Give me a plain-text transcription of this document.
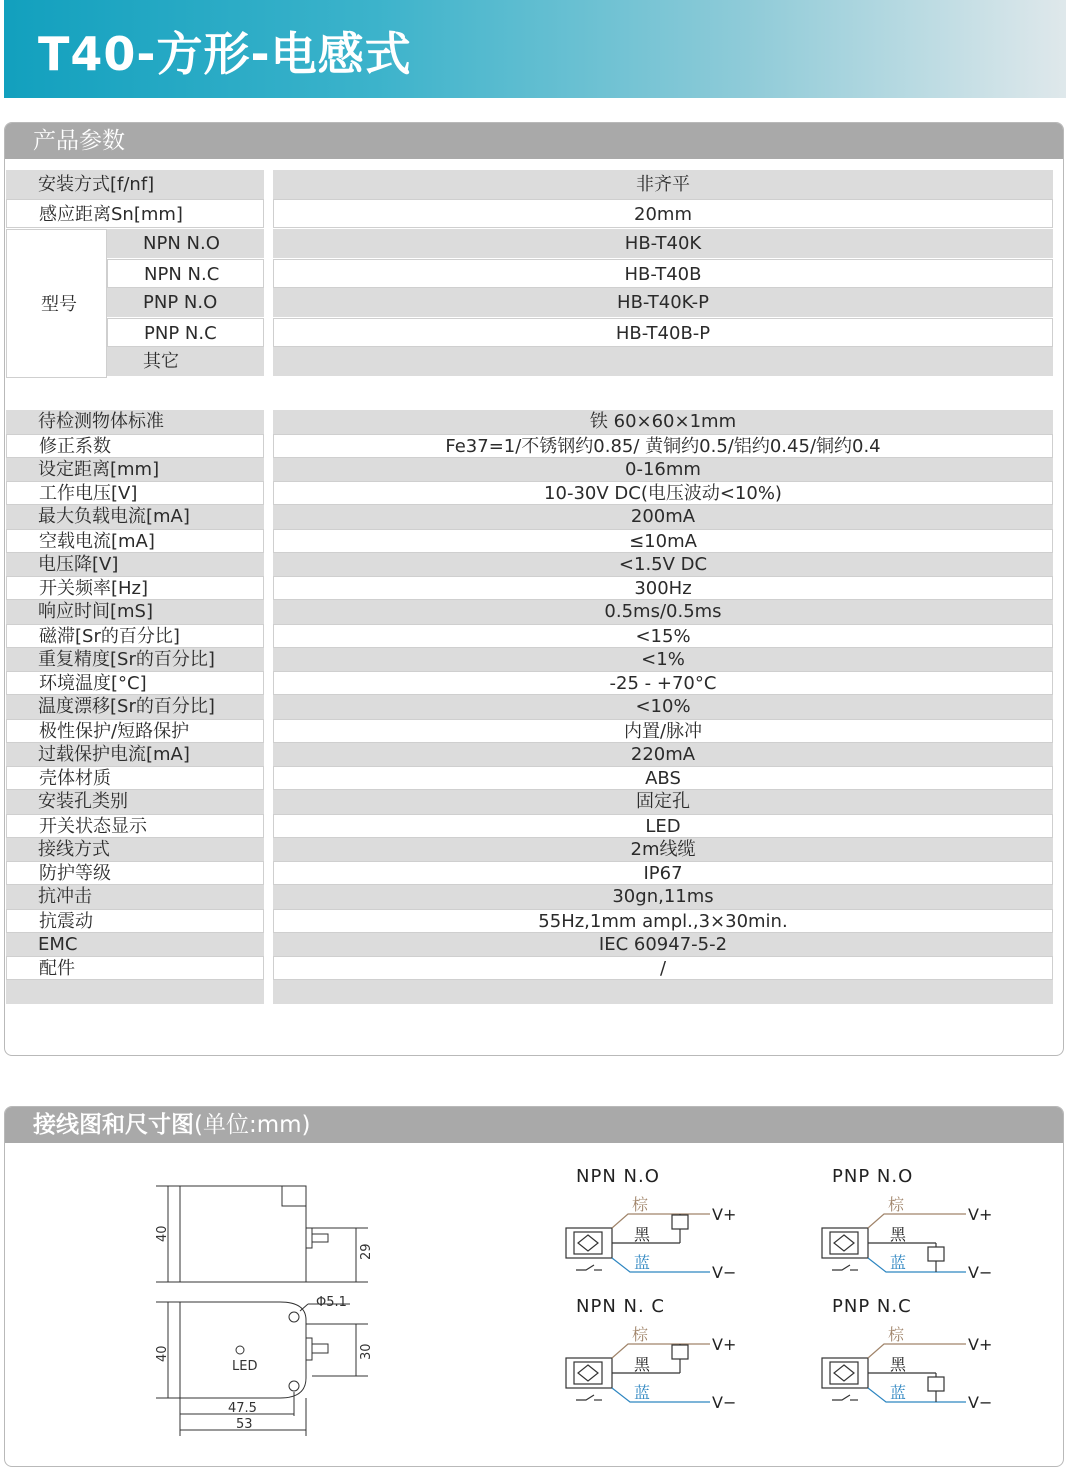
T40-方形-电感式
产品参数
安装方式[f/nf]	非齐平
感应距离Sn[mm]	20mm
型号
NPN N.O	HB-T40K
NPN N.C	HB-T40B
PNP N.O	HB-T40K-P
PNP N.C	HB-T40B-P
其它
待检测物体标准	铁 60×60×1mm
修正系数	Fe37=1/不锈钢约0.85/ 黄铜约0.5/铝约0.45/铜约0.4
设定距离[mm]	0-16mm
工作电压[V]	10-30V DC(电压波动<10%)
最大负载电流[mA]	200mA
空载电流[mA]	≤10mA
电压降[V]	<1.5V DC
开关频率[Hz]	300Hz
响应时间[mS]	0.5ms/0.5ms
磁滞[Sr的百分比]	<15%
重复精度[Sr的百分比]	<1%
环境温度[°C]	-25 - +70°C
温度漂移[Sr的百分比]	<10%
极性保护/短路保护	内置/脉冲
过载保护电流[mA]	220mA
壳体材质	ABS
安装孔类别	固定孔
开关状态显示	LED
接线方式	2m线缆
防护等级	IP67
抗冲击	30gn,11ms
抗震动	55Hz,1mm ampl.,3×30min.
EMC	IEC 60947-5-2
配件	/
接线图和尺寸图(单位:mm)
40
29
40	30
Φ5.1
LED
47.5
53
NPN N.O
棕
黑
蓝
V+
V−
PNP N.O
棕
黑
蓝
V+
V−
NPN N. C
棕
黑
蓝
V+
V−
PNP N.C
棕
黑
蓝
V+
V−
